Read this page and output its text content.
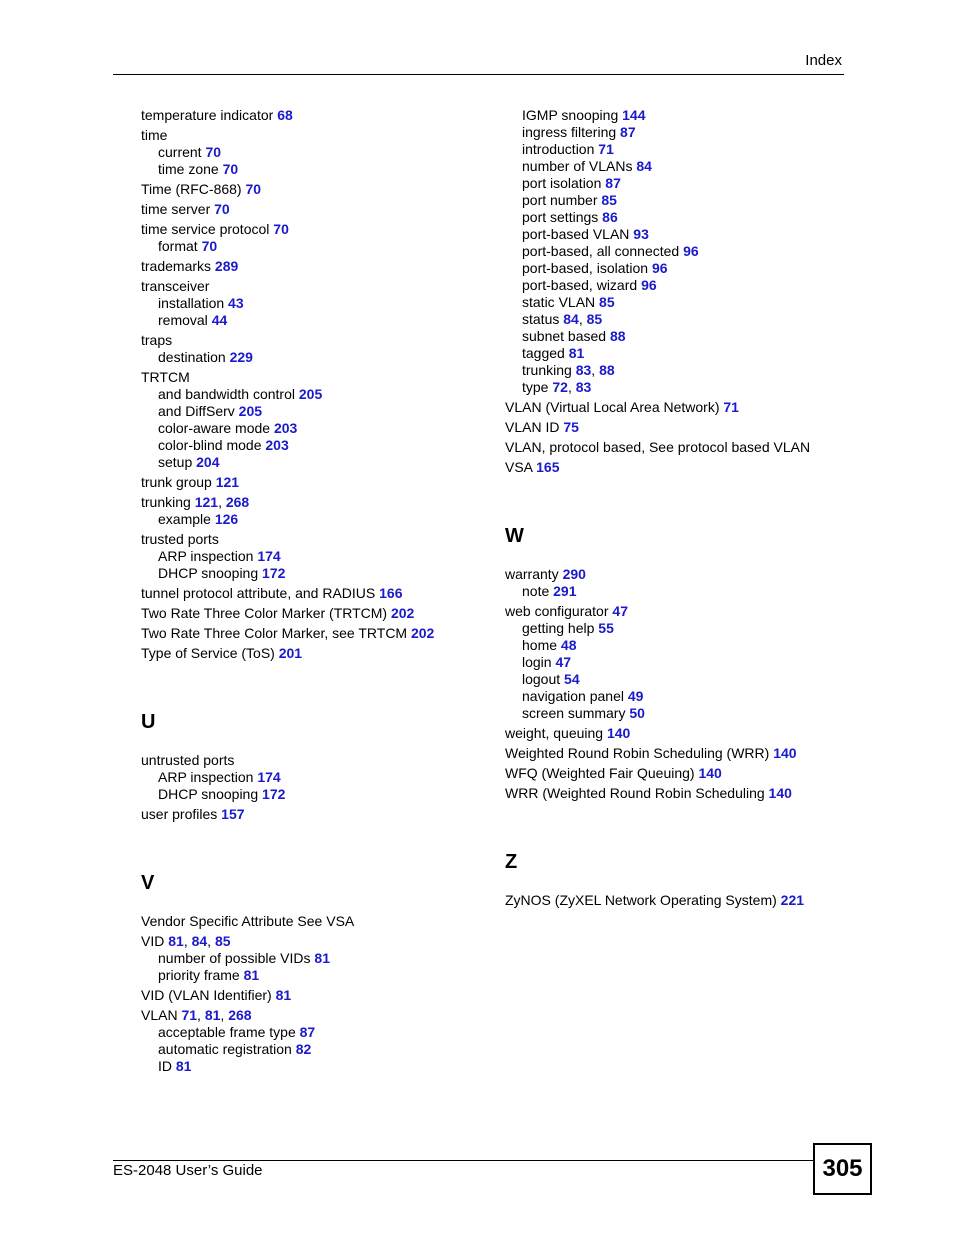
Index
temperature indicator 68
time
current 70
time zone 70
Time (RFC-868) 70
time server 70
time service protocol 70
format 70
trademarks 289
transceiver
installation 43
removal 44
traps
destination 229
TRTCM
and bandwidth control 205
and DiffServ 205
color-aware mode 203
color-blind mode 203
setup 204
trunk group 121
trunking 121, 268
example 126
trusted ports
ARP inspection 174
DHCP snooping 172
tunnel protocol attribute, and RADIUS 166
Two Rate Three Color Marker (TRTCM) 202
Two Rate Three Color Marker, see TRTCM 202
Type of Service (ToS) 201
U
untrusted ports
ARP inspection 174
DHCP snooping 172
user profiles 157
V
Vendor Specific Attribute See VSA
VID 81, 84, 85
number of possible VIDs 81
priority frame 81
VID (VLAN Identifier) 81
VLAN 71, 81, 268
acceptable frame type 87
automatic registration 82
ID 81
IGMP snooping 144
ingress filtering 87
introduction 71
number of VLANs 84
port isolation 87
port number 85
port settings 86
port-based VLAN 93
port-based, all connected 96
port-based, isolation 96
port-based, wizard 96
static VLAN 85
status 84, 85
subnet based 88
tagged 81
trunking 83, 88
type 72, 83
VLAN (Virtual Local Area Network) 71
VLAN ID 75
VLAN, protocol based, See protocol based VLAN
VSA 165
W
warranty 290
note 291
web configurator 47
getting help 55
home 48
login 47
logout 54
navigation panel 49
screen summary 50
weight, queuing 140
Weighted Round Robin Scheduling (WRR) 140
WFQ (Weighted Fair Queuing) 140
WRR (Weighted Round Robin Scheduling 140
Z
ZyNOS (ZyXEL Network Operating System) 221
ES-2048 User’s Guide	305
